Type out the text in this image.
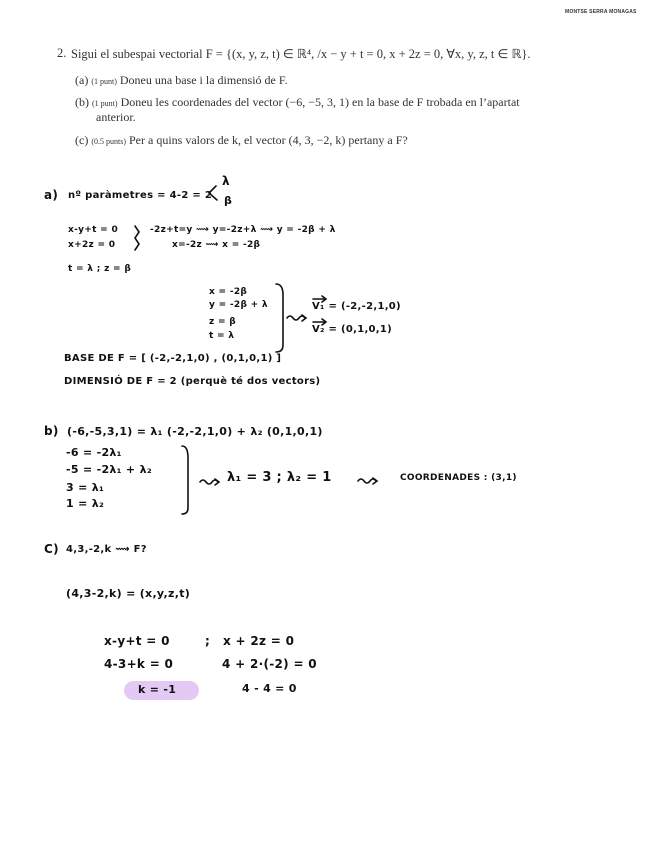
MONTSE SERRA MONAGAS
2. Sigui el subespai vectorial F = {(x, y, z, t) ∈ ℝ⁴, /x − y + t = 0, x + 2z = 0, ∀x, y, z, t ∈ ℝ}.
(a) (1 punt) Doneu una base i la dimensió de F.
(b) (1 punt) Doneu les coordenades del vector (−6, −5, 3, 1) en la base de F trobada en l’apartat
anterior.
(c) (0.5 punts) Per a quins valors de k, el vector (4, 3, −2, k) pertany a F?
a) nº paràmetres = 4-2 = 2
λ
β
x-y+t = 0	-2z+t=y ⟿ y=-2z+λ ⟿ y = -2β + λ
x+2z = 0	x=-2z ⟿ x = -2β
t = λ ; z = β
x = -2β
y = -2β + λ
z = β
t = λ
V₁ = (-2,-2,1,0)
V₂ = (0,1,0,1)
BASE DE F = [ (-2,-2,1,0) , (0,1,0,1) ]
DIMENSIÓ DE F = 2 (perquè té dos vectors)
b) (-6,-5,3,1) = λ₁ (-2,-2,1,0) + λ₂ (0,1,0,1)
-6 = -2λ₁
-5 = -2λ₁ + λ₂
3 = λ₁
1 = λ₂
λ₁ = 3 ; λ₂ = 1	COORDENADES : (3,1)
C) 4,3,-2,k ⟿ F?
(4,3-2,k) = (x,y,z,t)
x-y+t = 0	; x + 2z = 0
4-3+k = 0	4 + 2·(-2) = 0
k = -1	4 - 4 = 0
